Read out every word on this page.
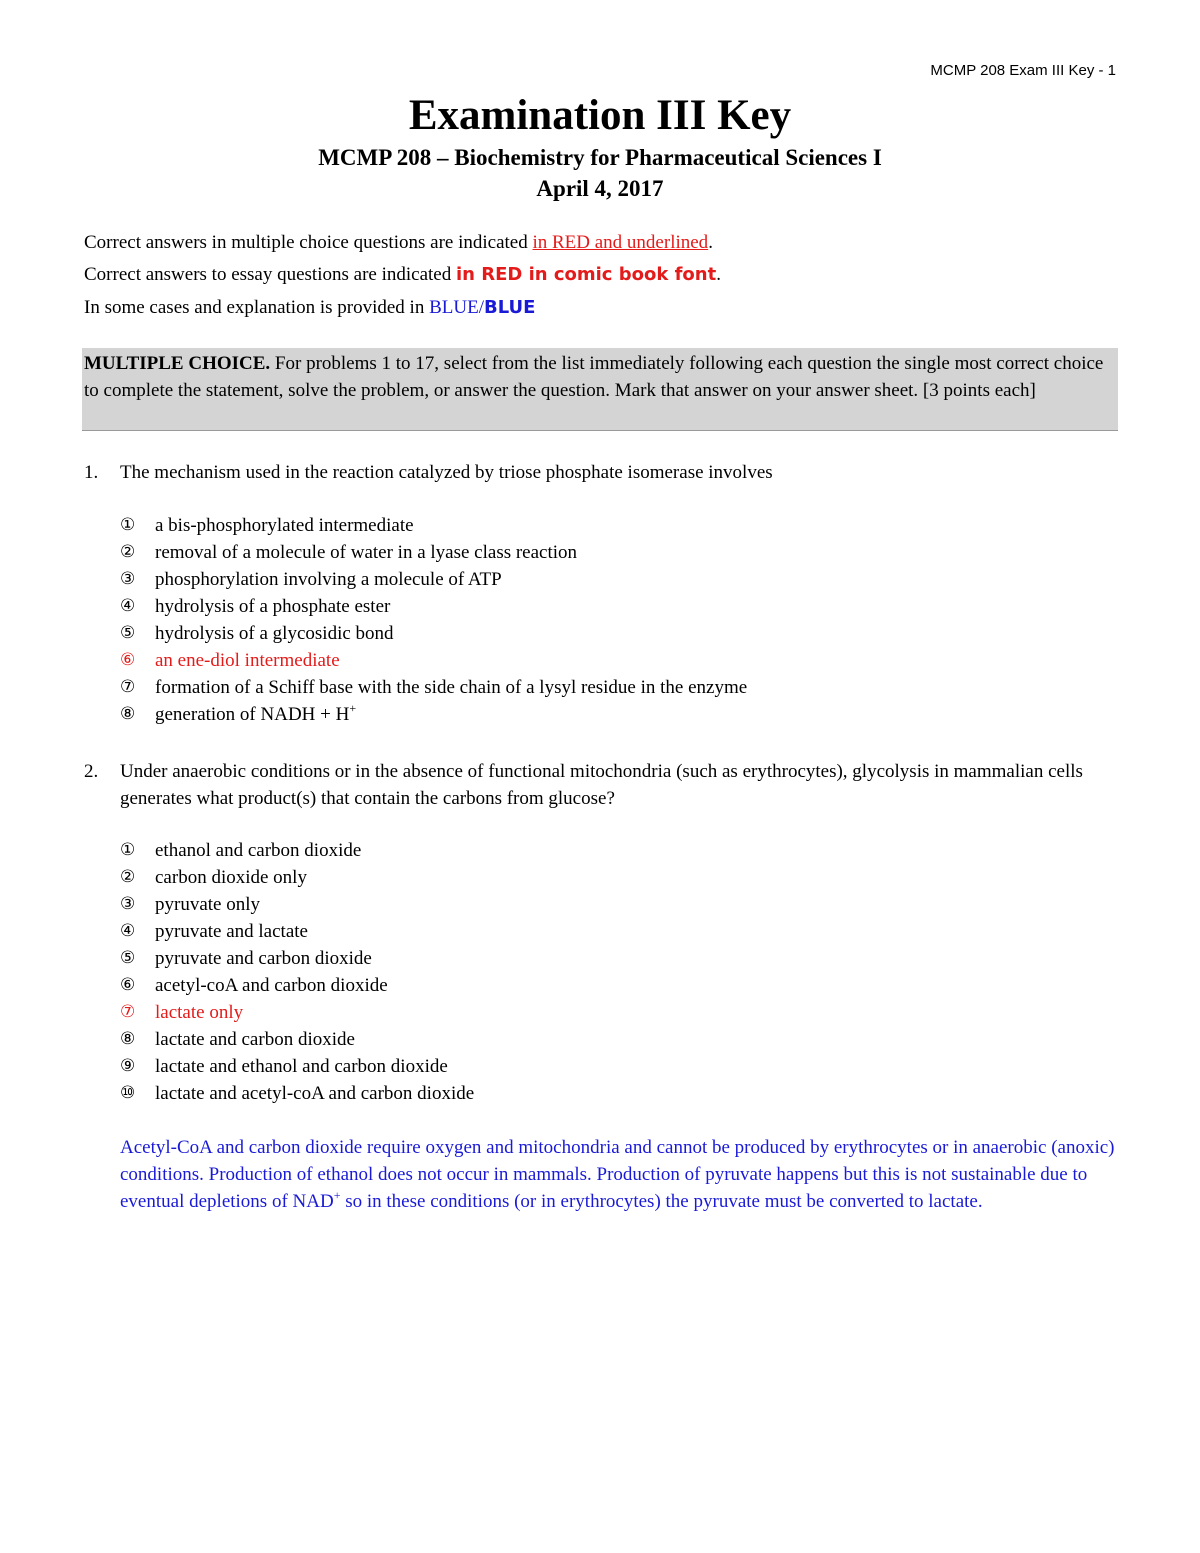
MCMP 208 Exam III Key - 1
Examination III Key
MCMP 208 – Biochemistry for Pharmaceutical Sciences I
April 4, 2017
Correct answers in multiple choice questions are indicated in RED and underlined.
Correct answers to essay questions are indicated in RED in comic book font.
In some cases and explanation is provided in BLUE/BLUE
MULTIPLE CHOICE. For problems 1 to 17, select from the list immediately following each question the single most correct choice to complete the statement, solve the problem, or answer the question. Mark that answer on your answer sheet. [3 points each]
1. The mechanism used in the reaction catalyzed by triose phosphate isomerase involves
①	a bis-phosphorylated intermediate
②	removal of a molecule of water in a lyase class reaction
③	phosphorylation involving a molecule of ATP
④	hydrolysis of a phosphate ester
⑤	hydrolysis of a glycosidic bond
⑥	an ene-diol intermediate
⑦	formation of a Schiff base with the side chain of a lysyl residue in the enzyme
⑧	generation of NADH + H+
2. Under anaerobic conditions or in the absence of functional mitochondria (such as erythrocytes), glycolysis in mammalian cells generates what product(s) that contain the carbons from glucose?
①	ethanol and carbon dioxide
②	carbon dioxide only
③	pyruvate only
④	pyruvate and lactate
⑤	pyruvate and carbon dioxide
⑥	acetyl-coA and carbon dioxide
⑦	lactate only
⑧	lactate and carbon dioxide
⑨	lactate and ethanol and carbon dioxide
⑩	lactate and acetyl-coA and carbon dioxide
Acetyl-CoA and carbon dioxide require oxygen and mitochondria and cannot be produced by erythrocytes or in anaerobic (anoxic) conditions. Production of ethanol does not occur in mammals. Production of pyruvate happens but this is not sustainable due to eventual depletions of NAD+ so in these conditions (or in erythrocytes) the pyruvate must be converted to lactate.
